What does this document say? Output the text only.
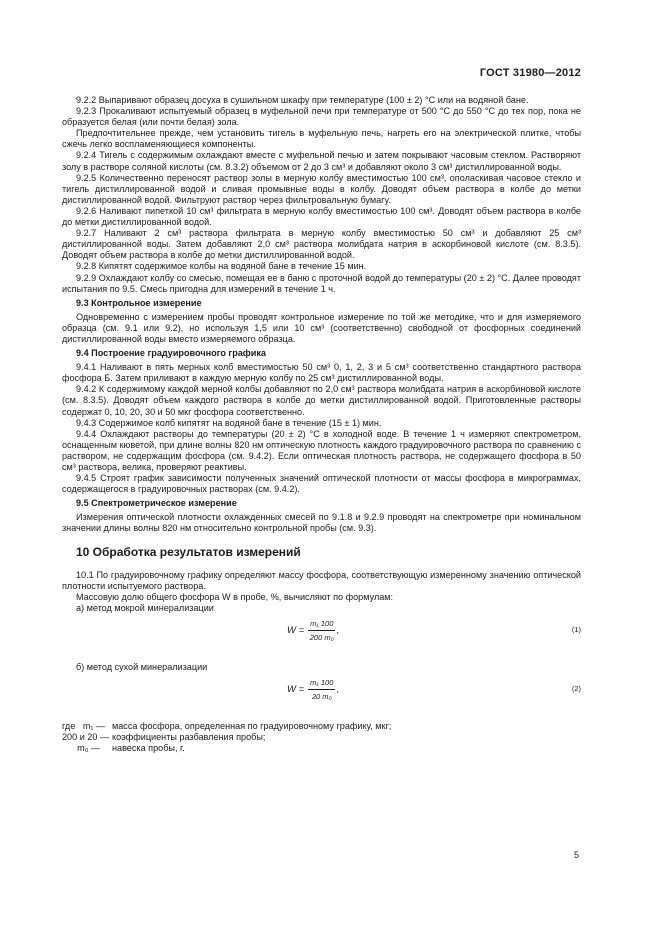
ГОСТ 31980—2012

9.2.2 Выпаривают образец досуха в сушильном шкафу при температуре (100 ± 2) °С или на водяной бане.

9.2.3 Прокаливают испытуемый образец в муфельной печи при температуре от 500 °С до 550 °С до тех пор, пока не образуется белая (или почти белая) зола.

Предпочтительнее прежде, чем установить тигель в муфельную печь, нагреть его на электрической плитке, чтобы сжечь легко воспламеняющиеся компоненты.

9.2.4 Тигель с содержимым охлаждают вместе с муфельной печью и затем покрывают часовым стеклом. Растворяют золу в растворе соляной кислоты (см. 8.3.2) объемом от 2 до 3 см³ и добавляют около 3 см³ дистиллированной воды.

9.2.5 Количественно переносят раствор золы в мерную колбу вместимостью 100 см³, ополаскивая часовое стекло и тигель дистиллированной водой и сливая промывные воды в колбу. Доводят объем раствора в колбе до метки дистиллированной водой. Фильтруют раствор через фильтровальную бумагу.

9.2.6 Наливают пипеткой 10 см³ фильтрата в мерную колбу вместимостью 100 см³. Доводят объем раствора в колбе до метки дистиллированной водой.

9.2.7 Наливают 2 см³ раствора фильтрата в мерную колбу вместимостью 50 см³ и добавляют 25 см³ дистиллированной воды. Затем добавляют 2,0 см³ раствора молибдата натрия в аскорбиновой кислоте (см. 8.3.5). Доводят объем раствора в колбе до метки дистиллированной водой.

9.2.8 Кипятят содержимое колбы на водяной бане в течение 15 мин.

9.2.9 Охлаждают колбу со смесью, помещая ее в баню с проточной водой до температуры (20 ± 2) °С. Далее проводят испытания по 9.5. Смесь пригодна для измерений в течение 1 ч.

9.3 Контрольное измерение

Одновременно с измерением пробы проводят контрольное измерение по той же методике, что и для измеряемого образца (см. 9.1 или 9.2), но используя 1,5 или 10 см³ (соответственно) свободной от фосфорных соединений дистиллированной воды вместо измеряемого образца.

9.4 Построение градуировочного графика

9.4.1 Наливают в пять мерных колб вместимостью 50 см³ 0, 1, 2, 3 и 5 см³ соответственно стандартного раствора фосфора Б. Затем приливают в каждую мерную колбу по 25 см³ дистиллированной воды.

9.4.2 К содержимому каждой мерной колбы добавляют по 2,0 см³ раствора молибдата натрия в аскорбиновой кислоте (см. 8.3.5). Доводят объем каждого раствора в колбе до метки дистиллированной водой. Приготовленные растворы содержат 0, 10, 20, 30 и 50 мкг фосфора соответственно.

9.4.3 Содержимое колб кипятят на водяной бане в течение (15 ± 1) мин.

9.4.4 Охлаждают растворы до температуры (20 ± 2) °С в холодной воде. В течение 1 ч измеряют спектрометром, оснащенным кюветой, при длине волны 820 нм оптическую плотность каждого градуировочного раствора по сравнению с раствором, не содержащим фосфора (см. 9.4.2). Если оптическая плотность раствора, не содержащего фосфора в 50 см³ раствора, велика, проверяют реактивы.

9.4.5 Строят график зависимости полученных значений оптической плотности от массы фосфора в микрограммах, содержащегося в градуировочных растворах (см. 9.4.2).

9.5 Спектрометрическое измерение

Измерения оптической плотности охлажденных смесей по 9.1.8 и 9.2.9 проводят на спектрометре при номинальном значении длины волны 820 нм относительно контрольной пробы (см. 9.3).

10 Обработка результатов измерений

10.1 По градуировочному графику определяют массу фосфора, соответствующую измеренному значению оптической плотности испытуемого раствора.

Массовую долю общего фосфора W в пробе, %, вычисляют по формулам:

а) метод мокрой минерализации

$W = \frac{\text{m₁ 100}}{\text{200 m₀}}$ ,	(1)

б) метод сухой минерализации

$W = \frac{\text{m₁ 100}}{\text{20 m₀}}$ ,	(2)
где   m₁ — масса фосфора, определенная по градуировочному графику, мкг;
200 и 20 — коэффициенты разбавления пробы;
m₀ —	навеска пробы, г.
5
